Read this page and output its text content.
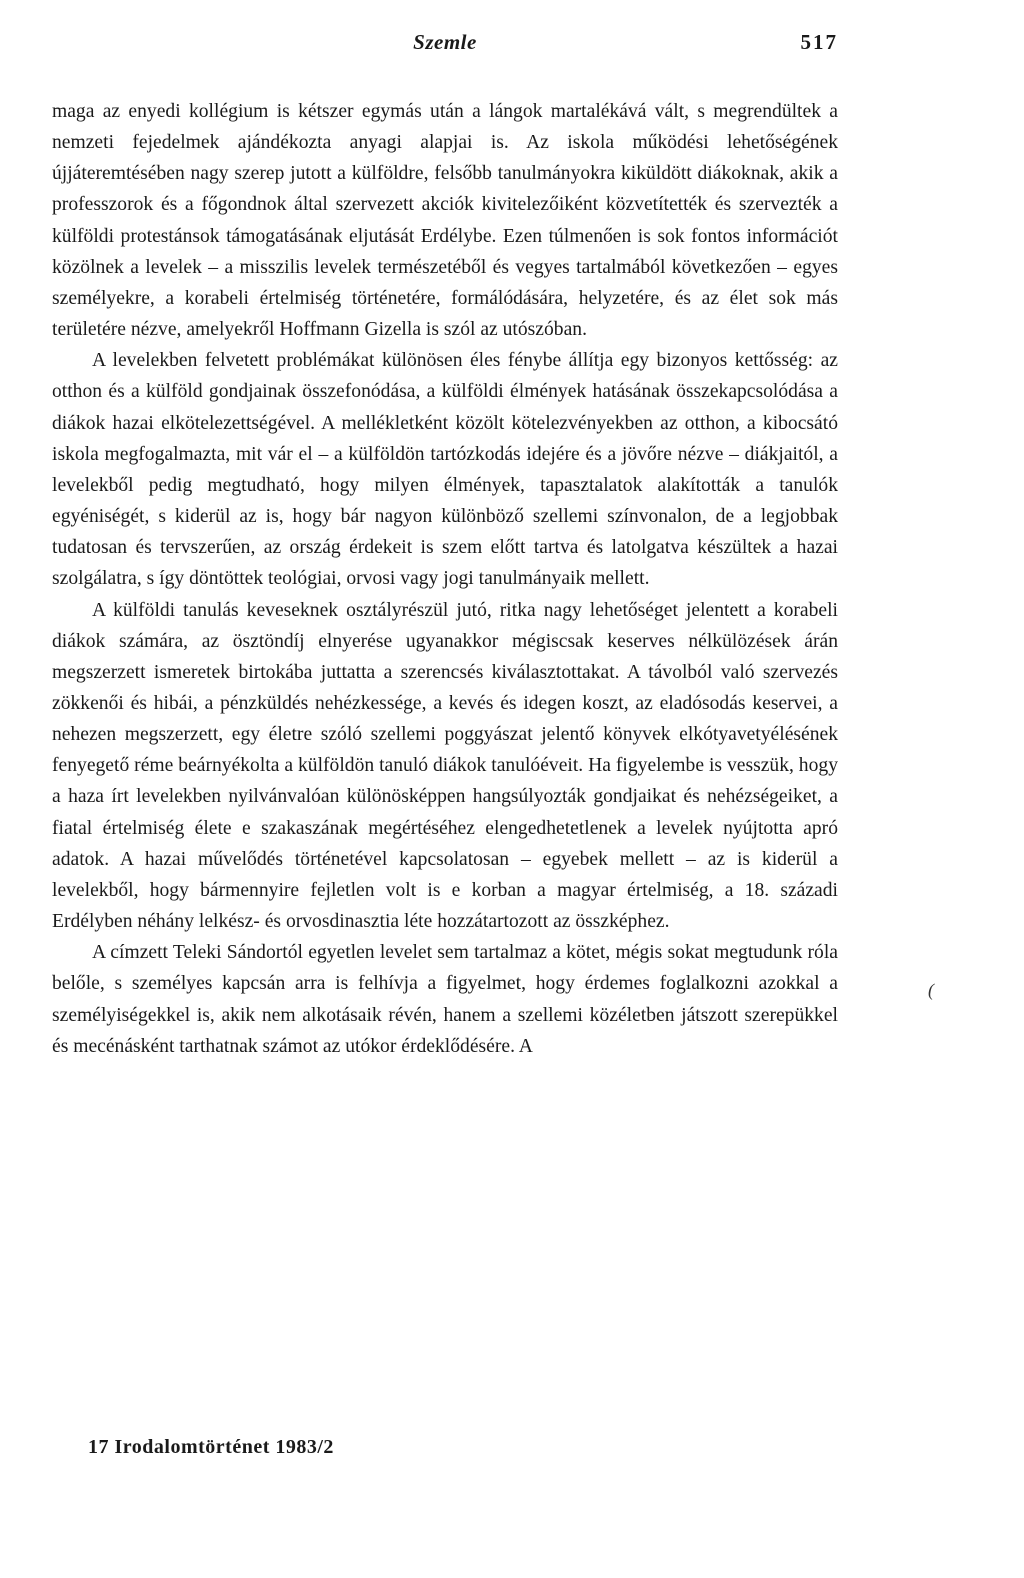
Szemle	517

maga az enyedi kollégium is kétszer egymás után a lángok martalékává vált, s megrendültek a nemzeti fejedelmek ajándékozta anyagi alapjai is. Az iskola működési lehetőségének újjáteremtésében nagy szerep jutott a külföldre, felsőbb tanulmányokra kiküldött diákoknak, akik a professzorok és a főgondnok által szervezett akciók kivitelezőiként közvetítették és szervezték a külföldi protestánsok támogatásának eljutását Erdélybe. Ezen túlmenően is sok fontos információt közölnek a levelek – a misszilis levelek természetéből és vegyes tartalmából következően – egyes személyekre, a korabeli értelmiség történetére, formálódására, helyzetére, és az élet sok más területére nézve, amelyekről Hoffmann Gizella is szól az utószóban.

A levelekben felvetett problémákat különösen éles fénybe állítja egy bizonyos kettősség: az otthon és a külföld gondjainak összefonódása, a külföldi élmények hatásának összekapcsolódása a diákok hazai elkötelezettségével. A mellékletként közölt kötelezvényekben az otthon, a kibocsátó iskola megfogalmazta, mit vár el – a külföldön tartózkodás idejére és a jövőre nézve – diákjaitól, a levelekből pedig megtudható, hogy milyen élmények, tapasztalatok alakították a tanulók egyéniségét, s kiderül az is, hogy bár nagyon különböző szellemi színvonalon, de a legjobbak tudatosan és tervszerűen, az ország érdekeit is szem előtt tartva és latolgatva készültek a hazai szolgálatra, s így döntöttek teológiai, orvosi vagy jogi tanulmányaik mellett.

A külföldi tanulás keveseknek osztályrészül jutó, ritka nagy lehetőséget jelentett a korabeli diákok számára, az ösztöndíj elnyerése ugyanakkor mégiscsak keserves nélkülözések árán megszerzett ismeretek birtokába juttatta a szerencsés kiválasztottakat. A távolból való szervezés zökkenői és hibái, a pénzküldés nehézkessége, a kevés és idegen koszt, az eladósodás keservei, a nehezen megszerzett, egy életre szóló szellemi poggyászat jelentő könyvek elkótyavetyélésének fenyegető réme beárnyékolta a külföldön tanuló diákok tanulóéveit. Ha figyelembe is vesszük, hogy a haza írt levelekben nyilvánvalóan különösképpen hangsúlyozták gondjaikat és nehézségeiket, a fiatal értelmiség élete e szakaszának megértéséhez elengedhetetlenek a levelek nyújtotta apró adatok. A hazai művelődés történetével kapcsolatosan – egyebek mellett – az is kiderül a levelekből, hogy bármennyire fejletlen volt is e korban a magyar értelmiség, a 18. századi Erdélyben néhány lelkész- és orvosdinasztia léte hozzátartozott az összképhez.

A címzett Teleki Sándortól egyetlen levelet sem tartalmaz a kötet, mégis sokat megtudunk róla belőle, s személyes kapcsán arra is felhívja a figyelmet, hogy érdemes foglalkozni azokkal a személyiségekkel is, akik nem alkotásaik révén, hanem a szellemi közéletben játszott szerepükkel és mecénásként tarthatnak számot az utókor érdeklődésére. A

(
17 Irodalomtörténet 1983/2
